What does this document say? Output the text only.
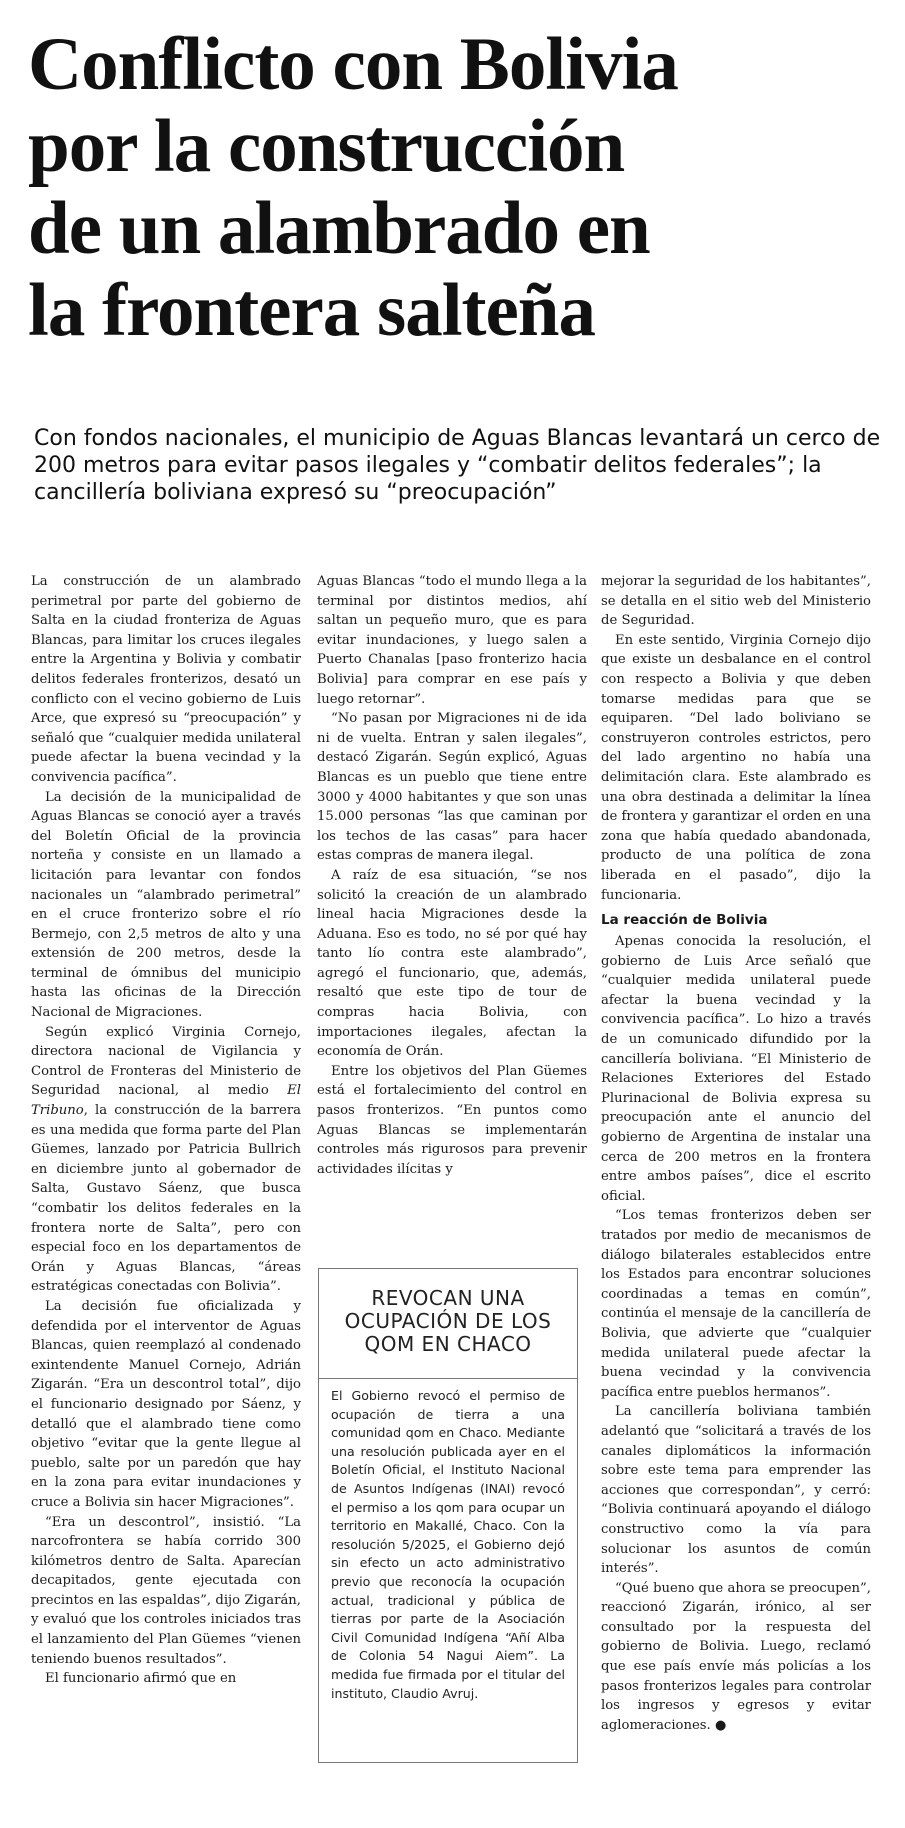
Conflicto con Bolivia
por la construcción
de un alambrado en
la frontera salteña
Con fondos nacionales, el municipio de Aguas Blancas levantará un cerco de 200 metros para evitar pasos ilegales y “combatir delitos federales”; la cancillería boliviana expresó su “preocupación”

La construcción de un alambrado perimetral por parte del gobierno de Salta en la ciudad fronteriza de Aguas Blancas, para limitar los cruces ilegales entre la Argentina y Bolivia y combatir delitos federales fronterizos, desató un conflicto con el vecino gobierno de Luis Arce, que expresó su “preocupación” y señaló que “cualquier medida unilateral puede afectar la buena vecindad y la convivencia pacífica”.

La decisión de la municipalidad de Aguas Blancas se conoció ayer a través del Boletín Oficial de la provincia norteña y consiste en un llamado a licitación para levantar con fondos nacionales un “alambrado perimetral” en el cruce fronterizo sobre el río Bermejo, con 2,5 metros de alto y una extensión de 200 metros, desde la terminal de ómnibus del municipio hasta las oficinas de la Dirección Nacional de Migraciones.

Según explicó Virginia Cornejo, directora nacional de Vigilancia y Control de Fronteras del Ministerio de Seguridad nacional, al medio El Tribuno, la construcción de la barrera es una medida que forma parte del Plan Güemes, lanzado por Patricia Bullrich en diciembre junto al gobernador de Salta, Gustavo Sáenz, que busca “combatir los delitos federales en la frontera norte de Salta”, pero con especial foco en los departamentos de Orán y Aguas Blancas, “áreas estratégicas conectadas con Bolivia”.

La decisión fue oficializada y defendida por el interventor de Aguas Blancas, quien reemplazó al condenado exintendente Manuel Cornejo, Adrián Zigarán. “Era un descontrol total”, dijo el funcionario designado por Sáenz, y detalló que el alambrado tiene como objetivo “evitar que la gente llegue al pueblo, salte por un paredón que hay en la zona para evitar inundaciones y cruce a Bolivia sin hacer Migraciones”.

“Era un descontrol”, insistió. “La narcofrontera se había corrido 300 kilómetros dentro de Salta. Aparecían decapitados, gente ejecutada con precintos en las espaldas”, dijo Zigarán, y evaluó que los controles iniciados tras el lanzamiento del Plan Güemes “vienen teniendo buenos resultados”.

El funcionario afirmó que en

Aguas Blancas “todo el mundo llega a la terminal por distintos medios, ahí saltan un pequeño muro, que es para evitar inundaciones, y luego salen a Puerto Chanalas [paso fronterizo hacia Bolivia] para comprar en ese país y luego retornar”.

“No pasan por Migraciones ni de ida ni de vuelta. Entran y salen ilegales”, destacó Zigarán. Según explicó, Aguas Blancas es un pueblo que tiene entre 3000 y 4000 habitantes y que son unas 15.000 personas “las que caminan por los techos de las casas” para hacer estas compras de manera ilegal.

A raíz de esa situación, “se nos solicitó la creación de un alambrado lineal hacia Migraciones desde la Aduana. Eso es todo, no sé por qué hay tanto lío contra este alambrado”, agregó el funcionario, que, además, resaltó que este tipo de tour de compras hacia Bolivia, con importaciones ilegales, afectan la economía de Orán.

Entre los objetivos del Plan Güemes está el fortalecimiento del control en pasos fronterizos. “En puntos como Aguas Blancas se implementarán controles más rigurosos para prevenir actividades ilícitas y

REVOCAN UNA OCUPACIÓN DE LOS QOM EN CHACO
El Gobierno revocó el permiso de ocupación de tierra a una comunidad qom en Chaco. Mediante una resolución publicada ayer en el Boletín Oficial, el Instituto Nacional de Asuntos Indígenas (INAI) revocó el permiso a los qom para ocupar un territorio en Makallé, Chaco. Con la resolución 5/2025, el Gobierno dejó sin efecto un acto administrativo previo que reconocía la ocupación actual, tradicional y pública de tierras por parte de la Asociación Civil Comunidad Indígena “Añí Alba de Colonia 54 Nagui Aiem”. La medida fue firmada por el titular del instituto, Claudio Avruj.

mejorar la seguridad de los habitantes”, se detalla en el sitio web del Ministerio de Seguridad.

En este sentido, Virginia Cornejo dijo que existe un desbalance en el control con respecto a Bolivia y que deben tomarse medidas para que se equiparen. “Del lado boliviano se construyeron controles estrictos, pero del lado argentino no había una delimitación clara. Este alambrado es una obra destinada a delimitar la línea de frontera y garantizar el orden en una zona que había quedado abandonada, producto de una política de zona liberada en el pasado”, dijo la funcionaria.

La reacción de Bolivia

Apenas conocida la resolución, el gobierno de Luis Arce señaló que “cualquier medida unilateral puede afectar la buena vecindad y la convivencia pacífica”. Lo hizo a través de un comunicado difundido por la cancillería boliviana. “El Ministerio de Relaciones Exteriores del Estado Plurinacional de Bolivia expresa su preocupación ante el anuncio del gobierno de Argentina de instalar una cerca de 200 metros en la frontera entre ambos países”, dice el escrito oficial.

“Los temas fronterizos deben ser tratados por medio de mecanismos de diálogo bilaterales establecidos entre los Estados para encontrar soluciones coordinadas a temas en común”, continúa el mensaje de la cancillería de Bolivia, que advierte que “cualquier medida unilateral puede afectar la buena vecindad y la convivencia pacífica entre pueblos hermanos”.

La cancillería boliviana también adelantó que “solicitará a través de los canales diplomáticos la información sobre este tema para emprender las acciones que correspondan”, y cerró: “Bolivia continuará apoyando el diálogo constructivo como la vía para solucionar los asuntos de común interés”.

“Qué bueno que ahora se preocupen”, reaccionó Zigarán, irónico, al ser consultado por la respuesta del gobierno de Bolivia. Luego, reclamó que ese país envíe más policías a los pasos fronterizos legales para controlar los ingresos y egresos y evitar aglomeraciones. ●
